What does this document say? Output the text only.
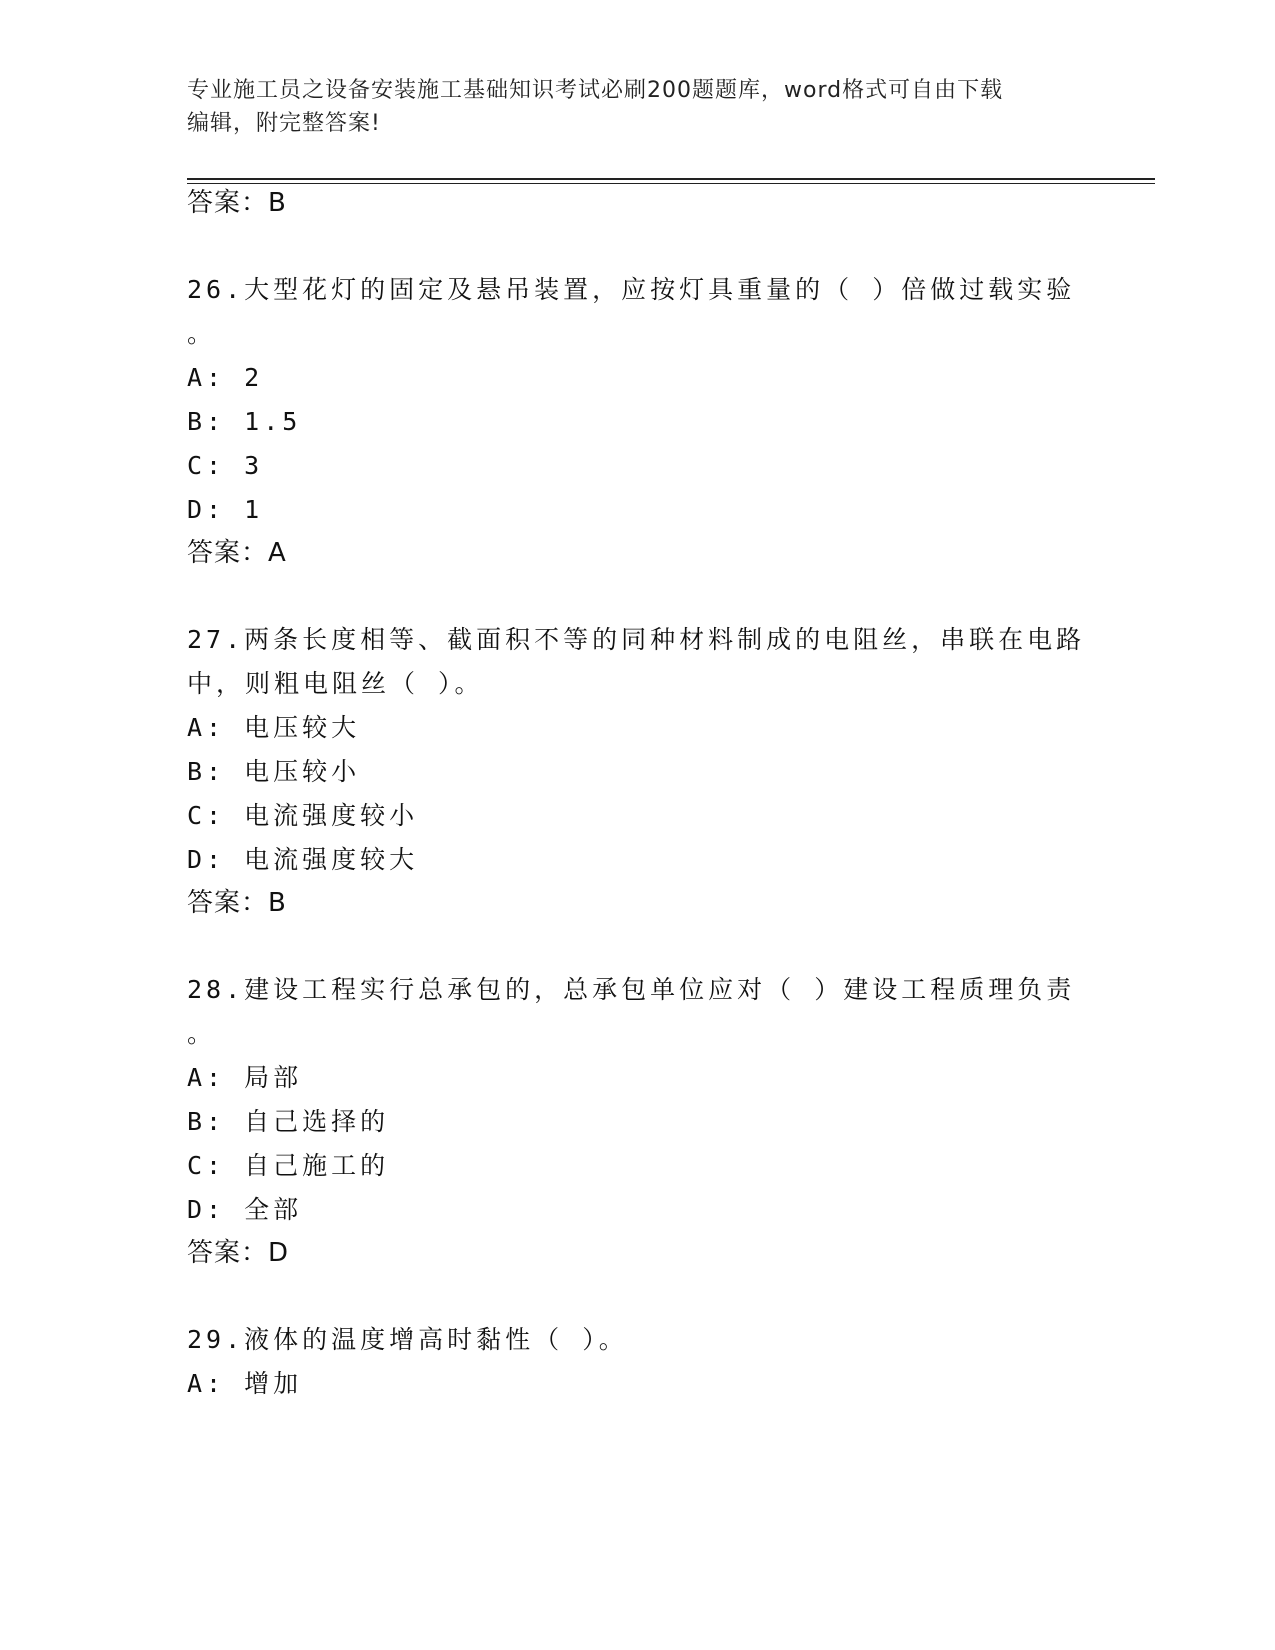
专业施工员之设备安装施工基础知识考试必刷200题题库，word格式可自由下载
编辑，附完整答案!
答案：B
26.大型花灯的固定及悬吊装置，应按灯具重量的（ ）倍做过载实验
。
A: 2
B: 1.5
C: 3
D: 1
答案：A
27.两条长度相等、截面积不等的同种材料制成的电阻丝，串联在电路
中，则粗电阻丝（ ）。
A: 电压较大
B: 电压较小
C: 电流强度较小
D: 电流强度较大
答案：B
28.建设工程实行总承包的，总承包单位应对（ ）建设工程质理负责
。
A: 局部
B: 自己选择的
C: 自己施工的
D: 全部
答案：D
29.液体的温度增高时黏性（ ）。
A: 增加
